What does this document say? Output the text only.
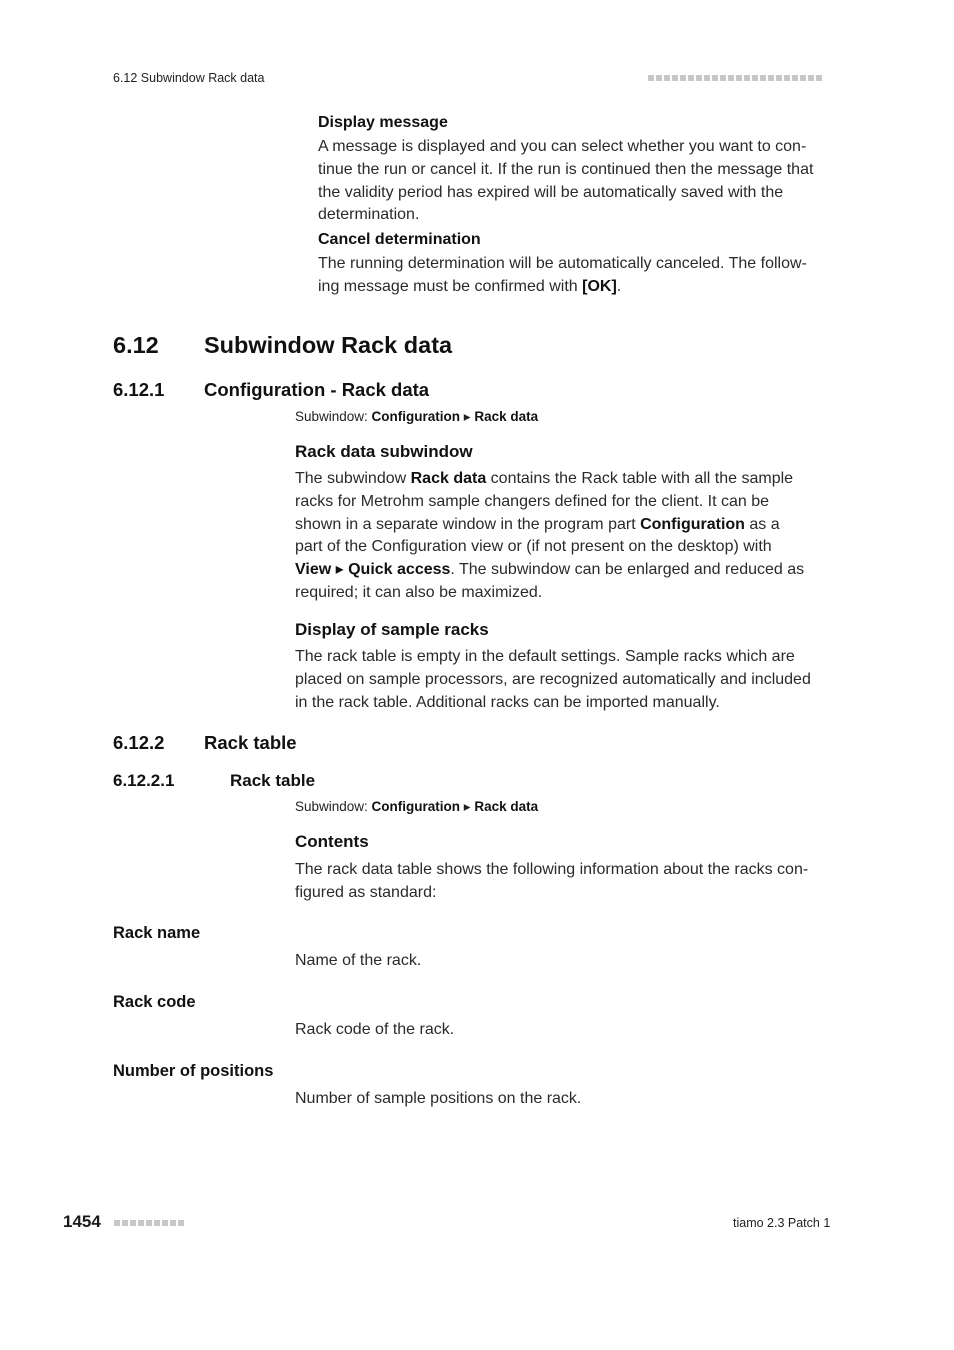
6.12 Subwindow Rack data
Display message
A message is displayed and you can select whether you want to con-
tinue the run or cancel it. If the run is continued then the message that
the validity period has expired will be automatically saved with the
determination.
Cancel determination
The running determination will be automatically canceled. The follow-
ing message must be confirmed with [OK].
6.12 Subwindow Rack data
6.12.1 Configuration - Rack data
Subwindow: Configuration ▸ Rack data
Rack data subwindow
The subwindow Rack data contains the Rack table with all the sample
racks for Metrohm sample changers defined for the client. It can be
shown in a separate window in the program part Configuration as a
part of the Configuration view or (if not present on the desktop) with
View ▸ Quick access. The subwindow can be enlarged and reduced as
required; it can also be maximized.
Display of sample racks
The rack table is empty in the default settings. Sample racks which are
placed on sample processors, are recognized automatically and included
in the rack table. Additional racks can be imported manually.
6.12.2 Rack table
6.12.2.1	Rack table
Subwindow: Configuration ▸ Rack data
Contents
The rack data table shows the following information about the racks con-
figured as standard:
Rack name
Name of the rack.
Rack code
Rack code of the rack.
Number of positions
Number of sample positions on the rack.
1454	tiamo 2.3 Patch 1
